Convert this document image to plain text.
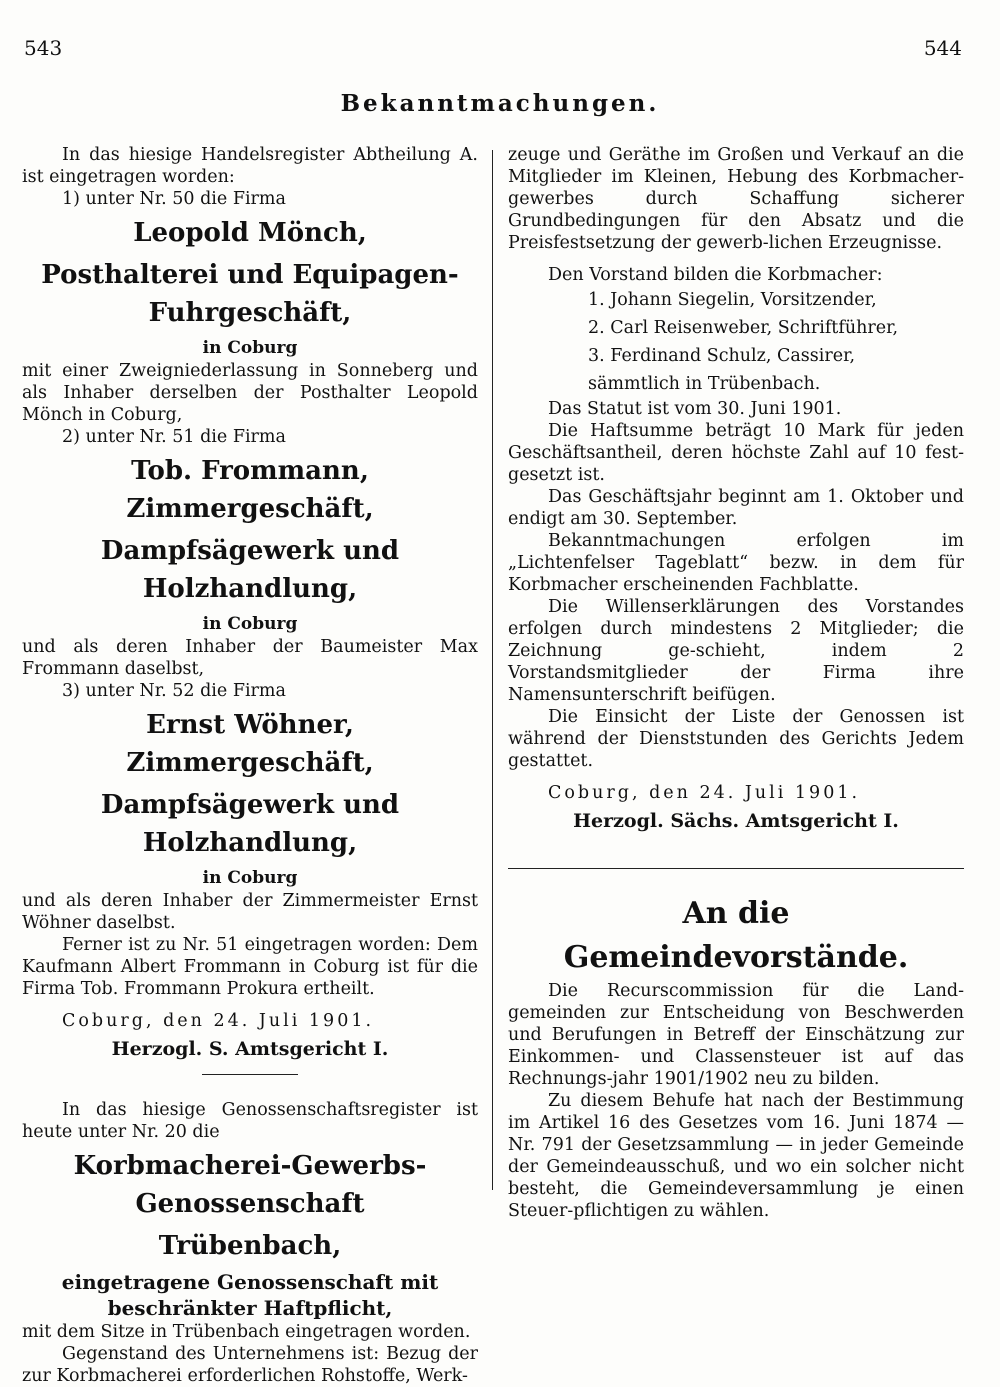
543	544
Bekanntmachungen.

In das hiesige Handelsregister Abtheilung A. ist eingetragen worden:

1) unter Nr. 50 die Firma

Leopold Mönch,

Posthalterei und Equipagen-Fuhrgeschäft,

in Coburg

mit einer Zweigniederlassung in Sonneberg und als Inhaber derselben der Posthalter Leopold Mönch in Coburg,

2) unter Nr. 51 die Firma

Tob. Frommann, Zimmergeschäft,

Dampfsägewerk und Holzhandlung,

in Coburg

und als deren Inhaber der Baumeister Max Frommann daselbst,

3) unter Nr. 52 die Firma

Ernst Wöhner, Zimmergeschäft,

Dampfsägewerk und Holzhandlung,

in Coburg

und als deren Inhaber der Zimmermeister Ernst Wöhner daselbst.

Ferner ist zu Nr. 51 eingetragen worden: Dem Kaufmann Albert Frommann in Coburg ist für die Firma Tob. Frommann Prokura ertheilt.

Coburg, den 24. Juli 1901.

Herzogl. S. Amtsgericht I.

In das hiesige Genossenschaftsregister ist heute unter Nr. 20 die

Korbmacherei-Gewerbs-Genossenschaft

Trübenbach,

eingetragene Genossenschaft mit beschränkter Haftpflicht,

mit dem Sitze in Trübenbach eingetragen worden.

Gegenstand des Unternehmens ist: Bezug der zur Korbmacherei erforderlichen Rohstoffe, Werk-

zeuge und Geräthe im Großen und Verkauf an die Mitglieder im Kleinen, Hebung des Korbmacher-gewerbes durch Schaffung sicherer Grundbedingungen für den Absatz und die Preisfestsetzung der gewerb-lichen Erzeugnisse.

Den Vorstand bilden die Korbmacher:

1. Johann Siegelin, Vorsitzender,

2. Carl Reisenweber, Schriftführer,

3. Ferdinand Schulz, Cassirer,

sämmtlich in Trübenbach.

Das Statut ist vom 30. Juni 1901.

Die Haftsumme beträgt 10 Mark für jeden Geschäftsantheil, deren höchste Zahl auf 10 fest-gesetzt ist.

Das Geschäftsjahr beginnt am 1. Oktober und endigt am 30. September.

Bekanntmachungen erfolgen im „Lichtenfelser Tageblatt“ bezw. in dem für Korbmacher erscheinenden Fachblatte.

Die Willenserklärungen des Vorstandes erfolgen durch mindestens 2 Mitglieder; die Zeichnung ge-schieht, indem 2 Vorstandsmitglieder der Firma ihre Namensunterschrift beifügen.

Die Einsicht der Liste der Genossen ist während der Dienststunden des Gerichts Jedem gestattet.

Coburg, den 24. Juli 1901.

Herzogl. Sächs. Amtsgericht I.

An die Gemeindevorstände.

Die Recurscommission für die Land-gemeinden zur Entscheidung von Beschwerden und Berufungen in Betreff der Einschätzung zur Einkommen- und Classensteuer ist auf das Rechnungs-jahr 1901/1902 neu zu bilden.

Zu diesem Behufe hat nach der Bestimmung im Artikel 16 des Gesetzes vom 16. Juni 1874 — Nr. 791 der Gesetzsammlung — in jeder Gemeinde der Gemeindeausschuß, und wo ein solcher nicht besteht, die Gemeindeversammlung je einen Steuer-pflichtigen zu wählen.
